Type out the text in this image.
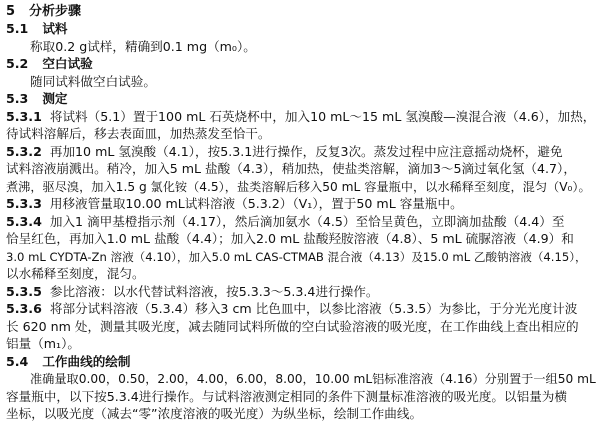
5 分析步骤
5.1 试料
称取0.2 g试样，精确到0.1 mg（m₀）。
5.2 空白试验
随同试料做空白试验。
5.3 测定
5.3.1 将试料（5.1）置于100 mL 石英烧杯中，加入10 mL～15 mL 氢溴酸—溴混合液（4.6），加热，
待试料溶解后，移去表面皿，加热蒸发至恰干。
5.3.2 再加10 mL 氢溴酸（4.1），按5.3.1进行操作，反复3次。蒸发过程中应注意摇动烧杯，避免
试料溶液崩溅出。稍冷，加入5 mL 盐酸（4.3），稍加热，使盐类溶解，滴加3～5滴过氧化氢（4.7），
煮沸，驱尽溴，加入1.5 g 氯化铵（4.5），盐类溶解后移入50 mL 容量瓶中，以水稀释至刻度，混匀（V₀）。
5.3.3 用移液管量取10.00 mL试料溶液（5.3.2）（V₁），置于50 mL 容量瓶中。
5.3.4 加入1 滴甲基橙指示剂（4.17），然后滴加氨水（4.5）至恰呈黄色，立即滴加盐酸（4.4）至
恰呈红色，再加入1.0 mL 盐酸（4.4）；加入2.0 mL 盐酸羟胺溶液（4.8）、5 mL 硫脲溶液（4.9）和
3.0 mL CYDTA-Zn 溶液（4.10），加入5.0 mL CAS-CTMAB 混合液（4.13）及15.0 mL 乙酸钠溶液（4.15），
以水稀释至刻度，混匀。
5.3.5 参比溶液：以水代替试料溶液，按5.3.3～5.3.4进行操作。
5.3.6 将部分试料溶液（5.3.4）移入3 cm 比色皿中，以参比溶液（5.3.5）为参比，于分光光度计波
长 620 nm 处，测量其吸光度，减去随同试料所做的空白试验溶液的吸光度，在工作曲线上查出相应的
铝量（m₁）。
5.4 工作曲线的绘制
准确量取0.00，0.50，2.00，4.00，6.00，8.00，10.00 mL铝标准溶液（4.16）分别置于一组50 mL
容量瓶中，以下按5.3.4进行操作。与试料溶液测定相同的条件下测量标准溶液的吸光度。以铝量为横
坐标，以吸光度（减去“零”浓度溶液的吸光度）为纵坐标，绘制工作曲线。
